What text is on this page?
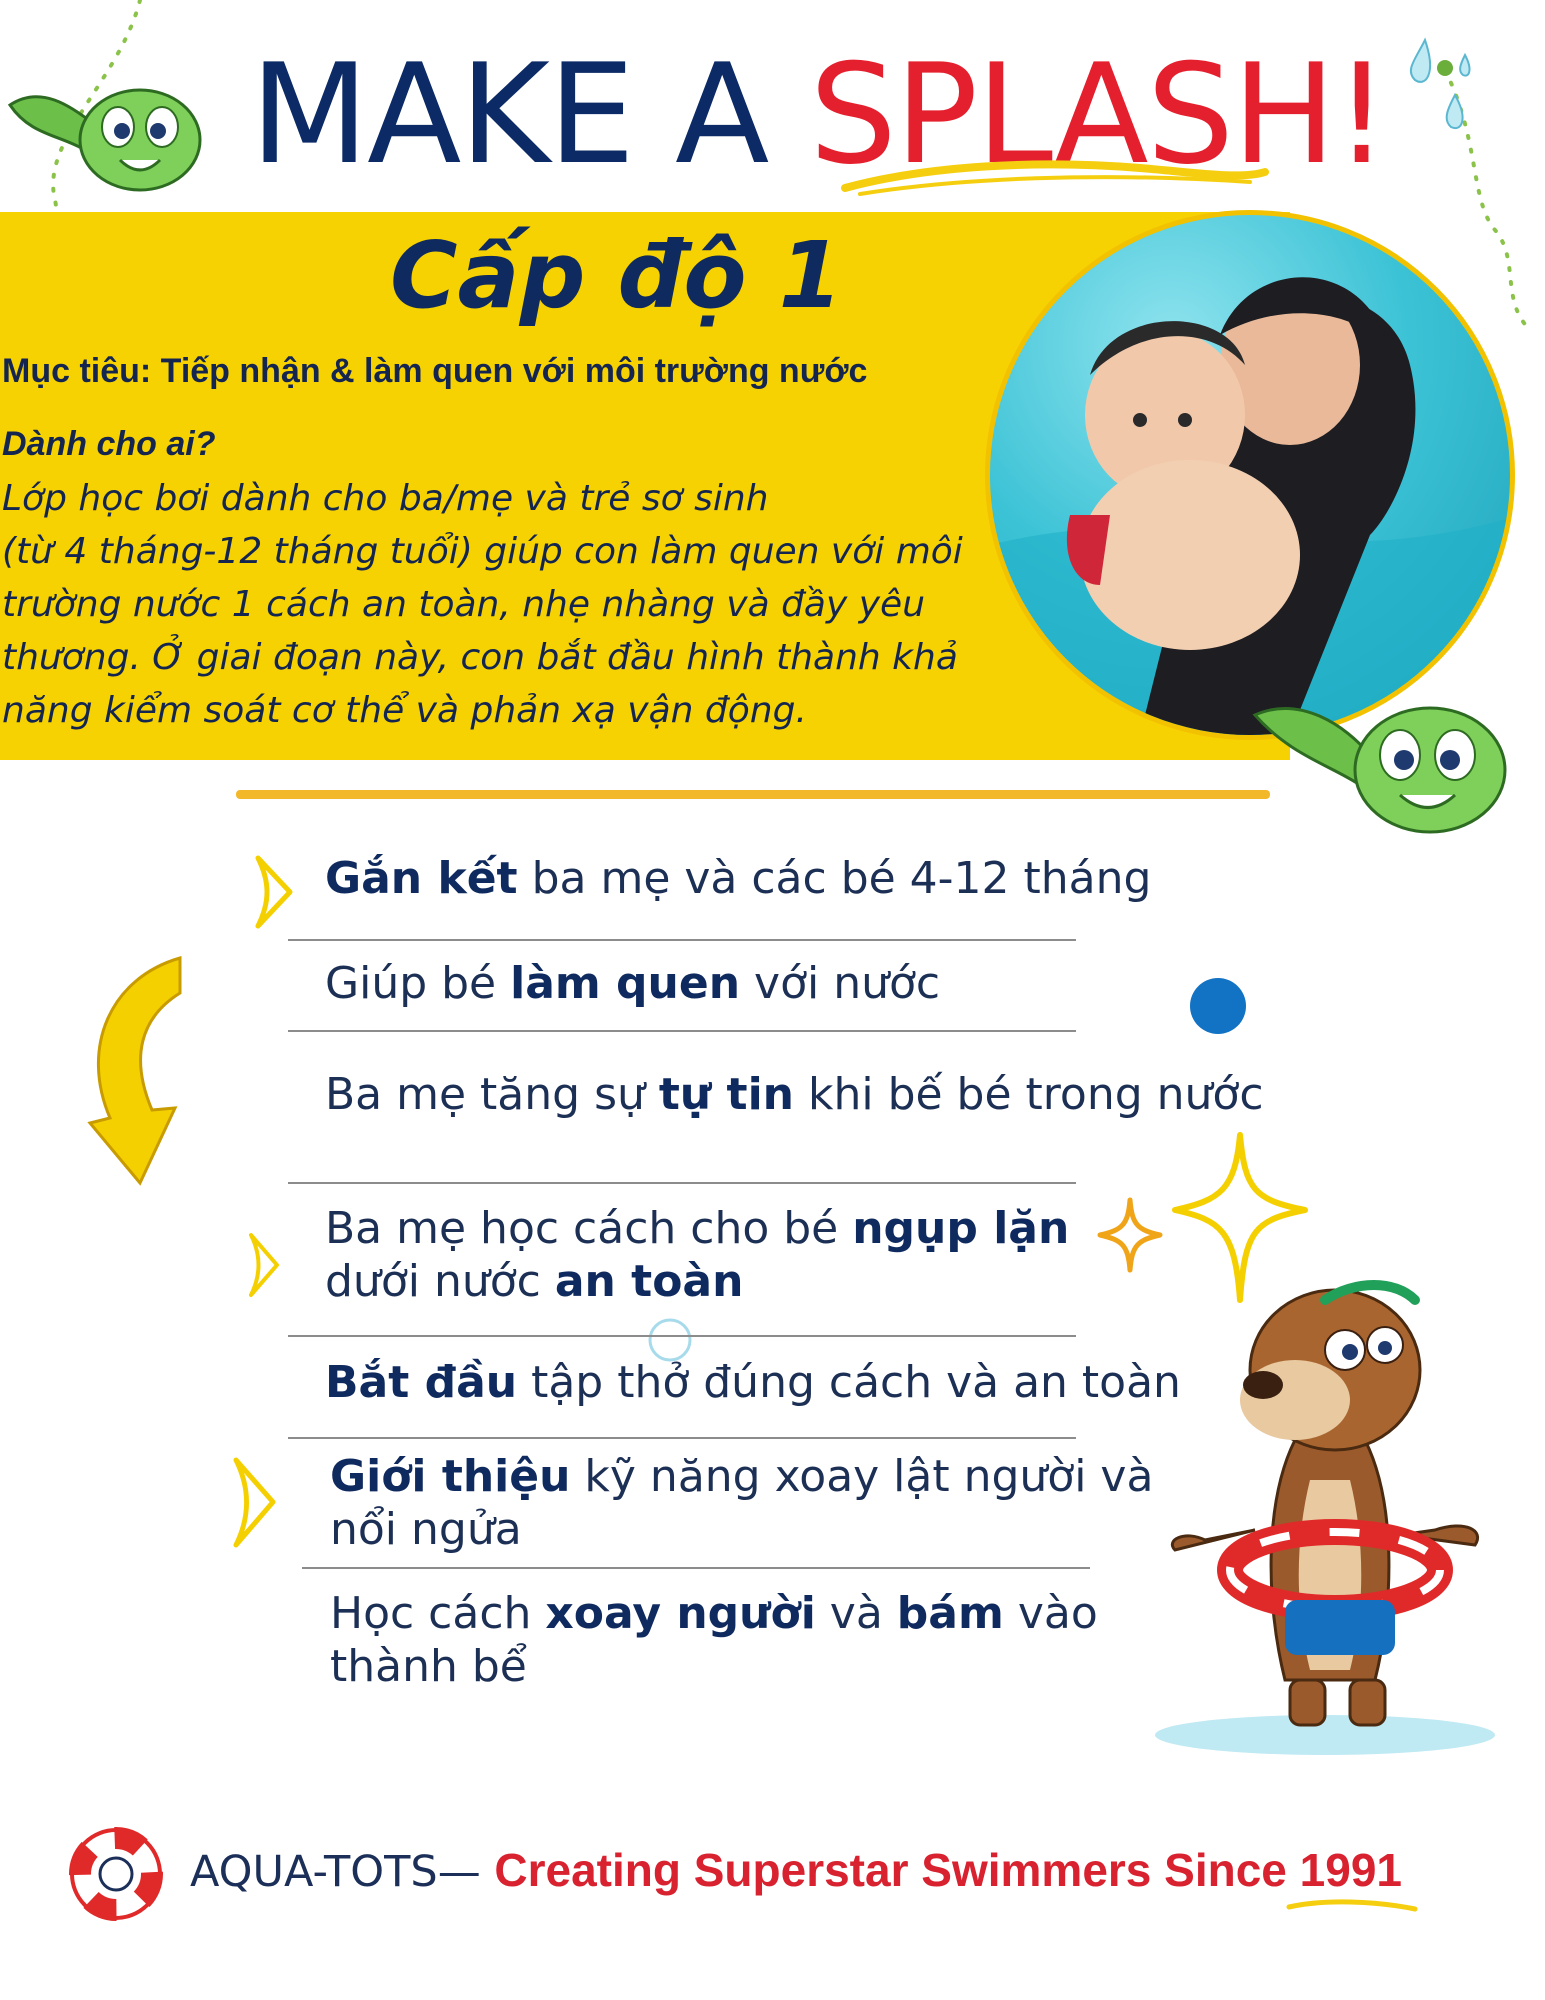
MAKE A SPLASH!
Cấp độ 1
Mục tiêu: Tiếp nhận & làm quen với môi trường nước
Dành cho ai?
Lớp học bơi dành cho ba/mẹ và trẻ sơ sinh
(từ 4 tháng-12 tháng tuổi) giúp con làm quen với môi
trường nước 1 cách an toàn, nhẹ nhàng và đầy yêu
thương. Ở giai đoạn này, con bắt đầu hình thành khả
năng kiểm soát cơ thể và phản xạ vận động.
Gắn kết ba mẹ và các bé 4-12 tháng
Giúp bé làm quen với nước
Ba mẹ tăng sự tự tin khi bế bé trong nước
Ba mẹ học cách cho bé ngụp lặn
dưới nước an toàn
Bắt đầu tập thở đúng cách và an toàn
Giới thiệu kỹ năng xoay lật người và
nổi ngửa
Học cách xoay người và bám vào
thành bể
AQUA-TOTS— Creating Superstar Swimmers Since 1991
